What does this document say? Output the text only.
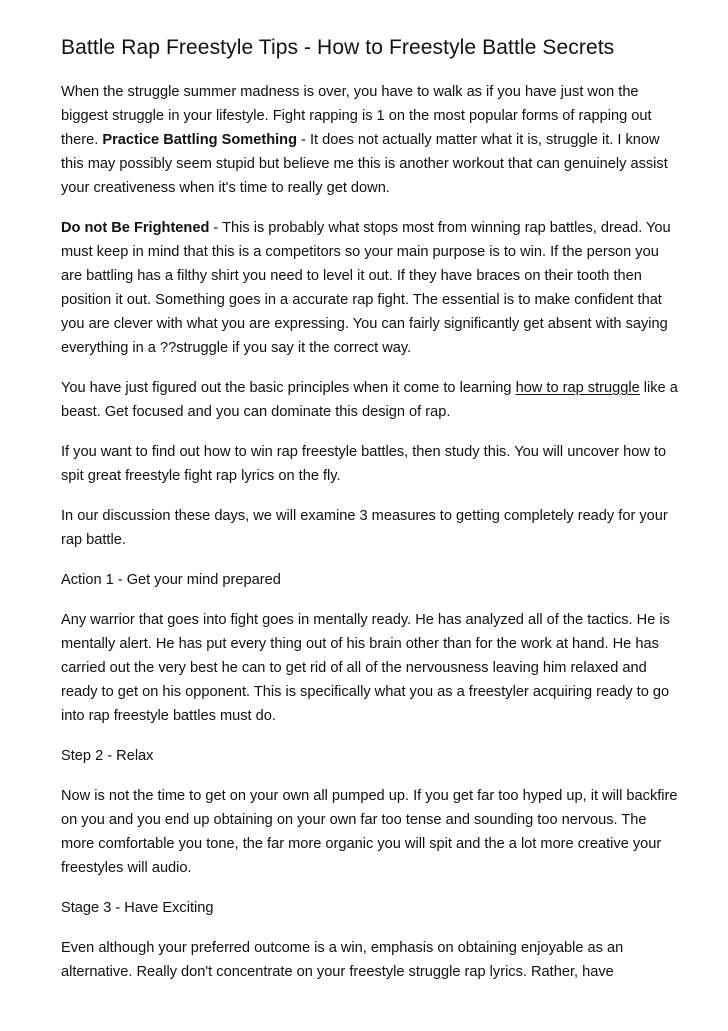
Battle Rap Freestyle Tips - How to Freestyle Battle Secrets

When the struggle summer madness is over, you have to walk as if you have just won the biggest struggle in your lifestyle. Fight rapping is 1 on the most popular forms of rapping out there. Practice Battling Something - It does not actually matter what it is, struggle it. I know this may possibly seem stupid but believe me this is another workout that can genuinely assist your creativeness when it's time to really get down.

Do not Be Frightened - This is probably what stops most from winning rap battles, dread. You must keep in mind that this is a competitors so your main purpose is to win. If the person you are battling has a filthy shirt you need to level it out. If they have braces on their tooth then position it out. Something goes in a accurate rap fight. The essential is to make confident that you are clever with what you are expressing. You can fairly significantly get absent with saying everything in a ??struggle if you say it the correct way.

You have just figured out the basic principles when it come to learning how to rap struggle like a beast. Get focused and you can dominate this design of rap.

If you want to find out how to win rap freestyle battles, then study this. You will uncover how to spit great freestyle fight rap lyrics on the fly.

In our discussion these days, we will examine 3 measures to getting completely ready for your rap battle.

Action 1 - Get your mind prepared

Any warrior that goes into fight goes in mentally ready. He has analyzed all of the tactics. He is mentally alert. He has put every thing out of his brain other than for the work at hand. He has carried out the very best he can to get rid of all of the nervousness leaving him relaxed and ready to get on his opponent. This is specifically what you as a freestyler acquiring ready to go into rap freestyle battles must do.

Step 2 - Relax

Now is not the time to get on your own all pumped up. If you get far too hyped up, it will backfire on you and you end up obtaining on your own far too tense and sounding too nervous. The more comfortable you tone, the far more organic you will spit and the a lot more creative your freestyles will audio.

Stage 3 - Have Exciting

Even although your preferred outcome is a win, emphasis on obtaining enjoyable as an alternative. Really don't concentrate on your freestyle struggle rap lyrics. Rather, have
